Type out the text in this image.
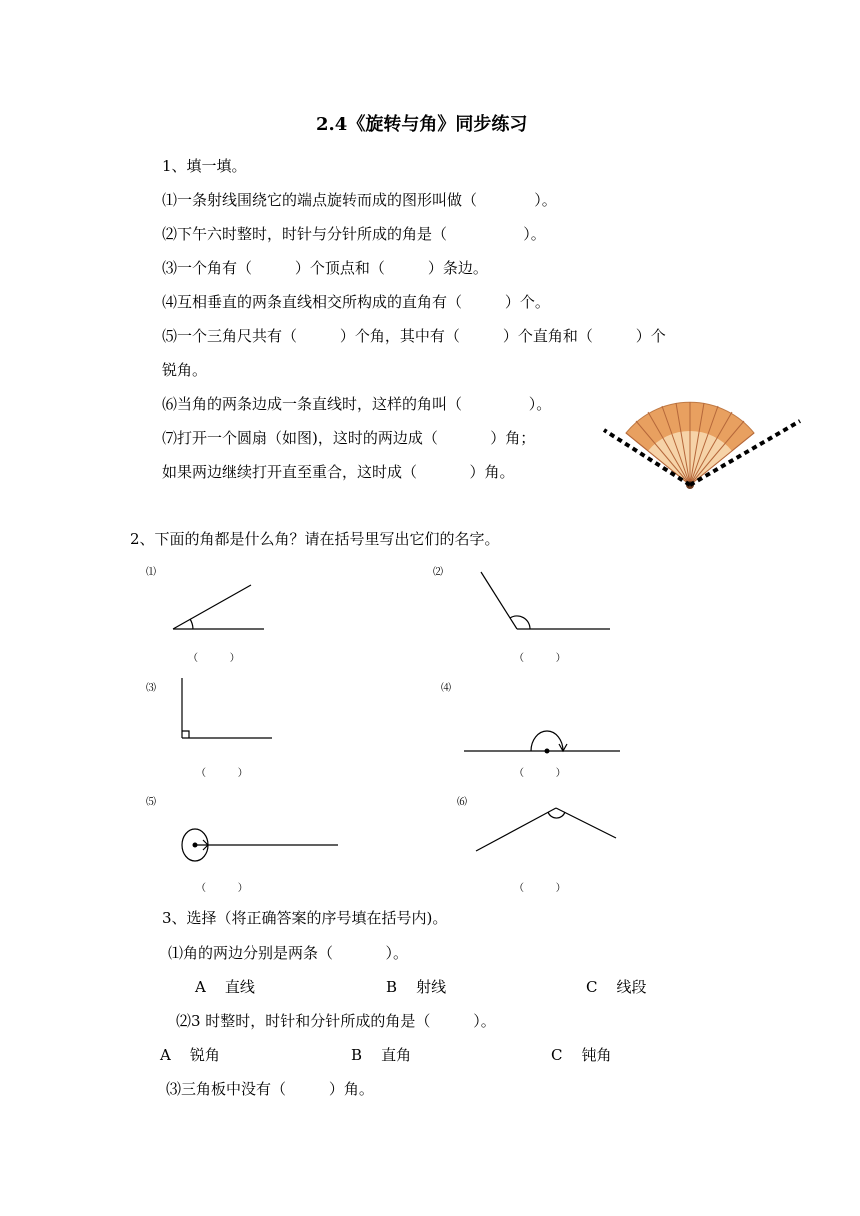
2.4《旋转与角》同步练习
1、填一填。
⑴一条射线围绕它的端点旋转而成的图形叫做（            ）。
⑵下午六时整时，时针与分针所成的角是（                ）。
⑶一个角有（         ）个顶点和（         ）条边。
⑷互相垂直的两条直线相交所构成的直角有（         ）个。
⑸一个三角尺共有（         ）个角，其中有（         ）个直角和（         ）个
锐角。
⑹当角的两条边成一条直线时，这样的角叫（              ）。
⑺打开一个圆扇（如图)，这时的两边成（           ）角；
如果两边继续打开直至重合，这时成（           ）角。
2、下面的角都是什么角？请在括号里写出它们的名字。
⑴	⑵
⑶	⑷
⑸	⑹
（          ）	（          ）
（          ）	（          ）
（          ）	（          ）
3、选择（将正确答案的序号填在括号内)。
⑴角的两边分别是两条（           ）。
A    直线	B    射线	C    线段
⑵3 时整时，时针和分针所成的角是（         ）。
A    锐角	B    直角	C    钝角
⑶三角板中没有（         ）角。
